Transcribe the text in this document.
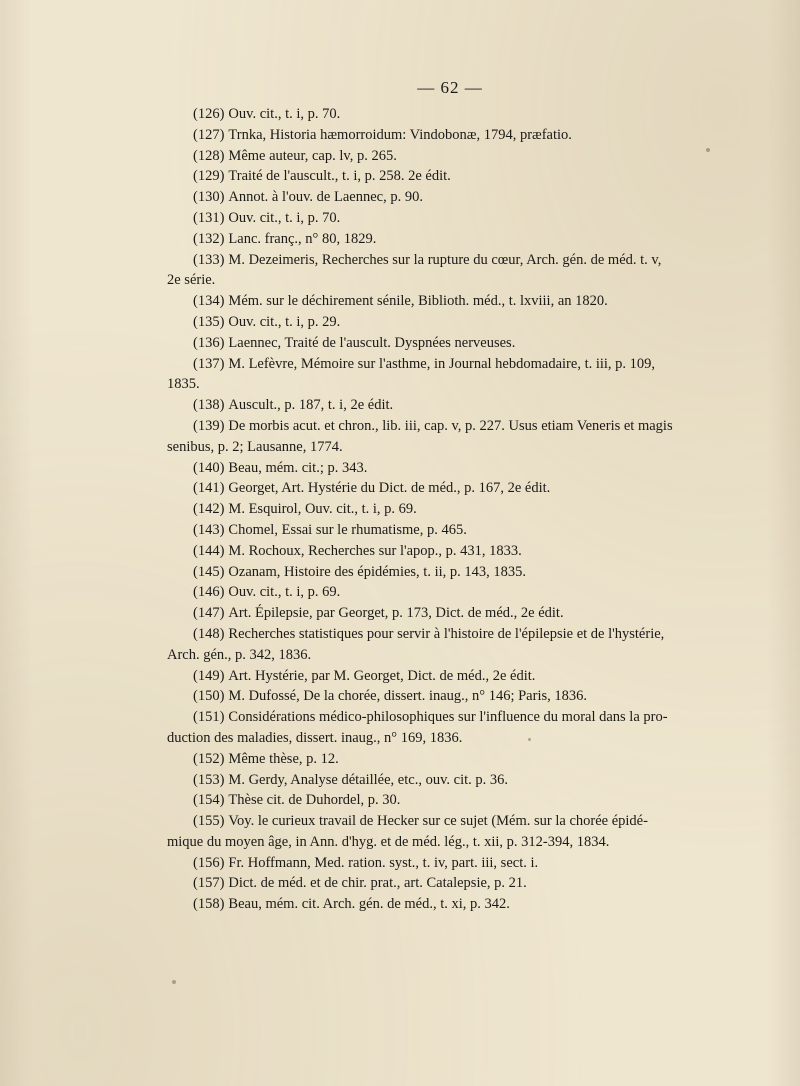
— 62 —

(126) Ouv. cit., t. i, p. 70.

(127) Trnka, Historia hæmorroidum: Vindobonæ, 1794, præfatio.

(128) Même auteur, cap. lv, p. 265.

(129) Traité de l'auscult., t. i, p. 258. 2e édit.

(130) Annot. à l'ouv. de Laennec, p. 90.

(131) Ouv. cit., t. i, p. 70.

(132) Lanc. franç., n° 80, 1829.

(133) M. Dezeimeris, Recherches sur la rupture du cœur, Arch. gén. de méd. t. v,
2e série.

(134) Mém. sur le déchirement sénile, Biblioth. méd., t. lxviii, an 1820.

(135) Ouv. cit., t. i, p. 29.

(136) Laennec, Traité de l'auscult. Dyspnées nerveuses.

(137) M. Lefèvre, Mémoire sur l'asthme, in Journal hebdomadaire, t. iii, p. 109,
1835.

(138) Auscult., p. 187, t. i, 2e édit.

(139) De morbis acut. et chron., lib. iii, cap. v, p. 227. Usus etiam Veneris et magis
senibus, p. 2; Lausanne, 1774.

(140) Beau, mém. cit.; p. 343.

(141) Georget, Art. Hystérie du Dict. de méd., p. 167, 2e édit.

(142) M. Esquirol, Ouv. cit., t. i, p. 69.

(143) Chomel, Essai sur le rhumatisme, p. 465.

(144) M. Rochoux, Recherches sur l'apop., p. 431, 1833.

(145) Ozanam, Histoire des épidémies, t. ii, p. 143, 1835.

(146) Ouv. cit., t. i, p. 69.

(147) Art. Épilepsie, par Georget, p. 173, Dict. de méd., 2e édit.

(148) Recherches statistiques pour servir à l'histoire de l'épilepsie et de l'hystérie,
Arch. gén., p. 342, 1836.

(149) Art. Hystérie, par M. Georget, Dict. de méd., 2e édit.

(150) M. Dufossé, De la chorée, dissert. inaug., n° 146; Paris, 1836.

(151) Considérations médico-philosophiques sur l'influence du moral dans la pro-
duction des maladies, dissert. inaug., n° 169, 1836.

(152) Même thèse, p. 12.

(153) M. Gerdy, Analyse détaillée, etc., ouv. cit. p. 36.

(154) Thèse cit. de Duhordel, p. 30.

(155) Voy. le curieux travail de Hecker sur ce sujet (Mém. sur la chorée épidé-
mique du moyen âge, in Ann. d'hyg. et de méd. lég., t. xii, p. 312-394, 1834.

(156) Fr. Hoffmann, Med. ration. syst., t. iv, part. iii, sect. i.

(157) Dict. de méd. et de chir. prat., art. Catalepsie, p. 21.

(158) Beau, mém. cit. Arch. gén. de méd., t. xi, p. 342.
